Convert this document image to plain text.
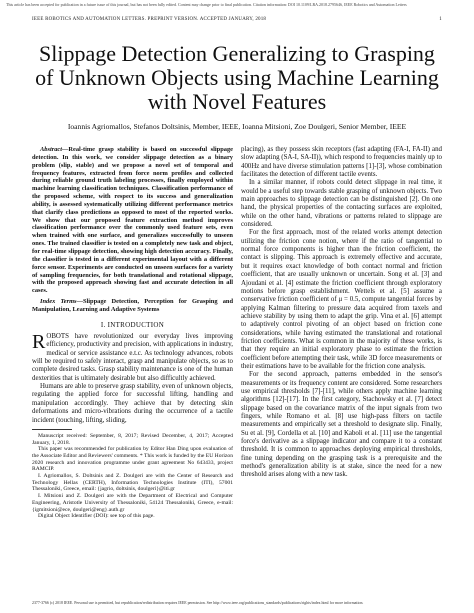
This article has been accepted for publication in a future issue of this journal, but has not been fully edited. Content may change prior to final publication. Citation information: DOI 10.1109/LRA.2018.2795646, IEEE Robotics and Automation Letters
IEEE ROBOTICS AND AUTOMATION LETTERS. PREPRINT VERSION. ACCEPTED JANUARY, 2018	1
Slippage Detection Generalizing to Grasping of Unknown Objects using Machine Learning with Novel Features
Ioannis Agriomallos, Stefanos Doltsinis, Member, IEEE, Ioanna Mitsioni, Zoe Doulgeri, Senior Member, IEEE

Abstract—Real-time grasp stability is based on successful slippage detection. In this work, we consider slippage detection as a binary problem (slip, stable) and we propose a novel set of temporal and frequency features, extracted from force norm profiles and collected during reliable ground truth labeling processes, finally employed within machine learning classification techniques. Classification performance of the proposed scheme, with respect to its success and generalization ability, is assessed systematically utilizing different performance metrics that clarify class predictions as opposed to most of the reported works. We show that our proposed feature extraction method improves classification performance over the commonly used feature sets, even when trained with one surface, and generalizes successfully to unseen ones. The trained classifier is tested on a completely new task and object, for real-time slippage detection, showing high detection accuracy. Finally, the classifier is tested in a different experimental layout with a different force sensor. Experiments are conducted on unseen surfaces for a variety of sampling frequencies, for both translational and rotational slippage, with the proposed approach showing fast and accurate detection in all cases.

Index Terms—Slippage Detection, Perception for Grasping and Manipulation, Learning and Adaptive Systems

I. INTRODUCTION

ROBOTS have revolutionized our everyday lives improving efficiency, productivity and precision, with applications in industry, medical or service assistance e.t.c. As technology advances, robots will be required to safely interact, grasp and manipulate objects, so as to complete desired tasks. Grasp stability maintenance is one of the human dexterities that is ultimately desirable but also difficultly achieved.

Humans are able to preserve grasp stability, even of unknown objects, regulating the applied force for successful lifting, handling and manipulation accordingly. They achieve that by detecting skin deformations and micro-vibrations during the occurrence of a tactile incident (touching, lifting, sliding,

Manuscript received: September, 8, 2017; Revised December, 4, 2017; Accepted January, 1, 2018.

This paper was recommended for publication by Editor Han Ding upon evaluation of the Associate Editor and Reviewers' comments. * This work is funded by the EU Horizon 2020 research and innovation programme under grant agreement No 643433, project RAMCIP.

I. Agriomallos, S. Doltsinis and Z. Doulgeri are with the Center of Research and Technology Hellas (CERTH), Information Technologies Institute (ITI), 57001 Thessaloniki, Greece, email: {jagrio, doltsinis, doulgeri}@iti.gr

I. Mitsioni and Z. Doulgeri are with the Department of Electrical and Computer Engineering, Aristotle University of Thessaloniki, 54124 Thessaloniki, Greece, e-mail: {igmitsioni@ece, doulgeri@eng}.auth.gr

Digital Object Identifier (DOI): see top of this page.

placing), as they possess skin receptors (fast adapting (FA-I, FA-II) and slow adapting (SA-I, SA-II)), which respond to frequencies mainly up to 400Hz and have diverse stimulation patterns [1]-[3], whose combination facilitates the detection of different tactile events.

In a similar manner, if robots could detect slippage in real time, it would be a useful step towards stable grasping of unknown objects. Two main approaches to slippage detection can be distinguished [2]. On one hand, the physical properties of the contacting surfaces are exploited, while on the other hand, vibrations or patterns related to slippage are considered.

For the first approach, most of the related works attempt detection utilizing the friction cone notion, where if the ratio of tangential to normal force components is higher than the friction coefficient, the contact is slipping. This approach is extremely effective and accurate, but it requires exact knowledge of both contact normal and friction coefficient, that are usually unknown or uncertain. Song et al. [3] and Ajoudani et al. [4] estimate the friction coefficient through exploratory motions before grasp establishment. Wettels et al. [5] assume a conservative friction coefficient of μ = 0.5, compute tangential forces by applying Kalman filtering to pressure data acquired from taxels and achieve stability by using them to adapt the grip. Vina et al. [6] attempt to adaptively control pivoting of an object based on friction cone considerations, while having estimated the translational and rotational friction coefficients. What is common in the majority of these works, is that they require an initial exploratory phase to estimate the friction coefficient before attempting their task, while 3D force measurements or their estimations have to be available for the friction cone analysis.

For the second approach, patterns embedded in the sensor's measurements or its frequency content are considered. Some researchers use empirical thresholds [7]-[11], while others apply machine learning algorithms [12]-[17]. In the first category, Stachowsky et al. [7] detect slippage based on the covariance matrix of the input signals from two fingers, while Romano et al. [8] use high-pass filters on tactile measurements and empirically set a threshold to designate slip. Finally, Su et al. [9], Cordella et al. [10] and Kaboli et al. [11] use the tangential force's derivative as a slippage indicator and compare it to a constant threshold. It is common to approaches deploying empirical thresholds, fine tuning depending on the grasping task is a prerequisite and the method's generalization ability is at stake, since the need for a new threshold arises along with a new task.

2377-3766 (c) 2018 IEEE. Personal use is permitted, but republication/redistribution requires IEEE permission. See http://www.ieee.org/publications_standards/publications/rights/index.html for more information.
